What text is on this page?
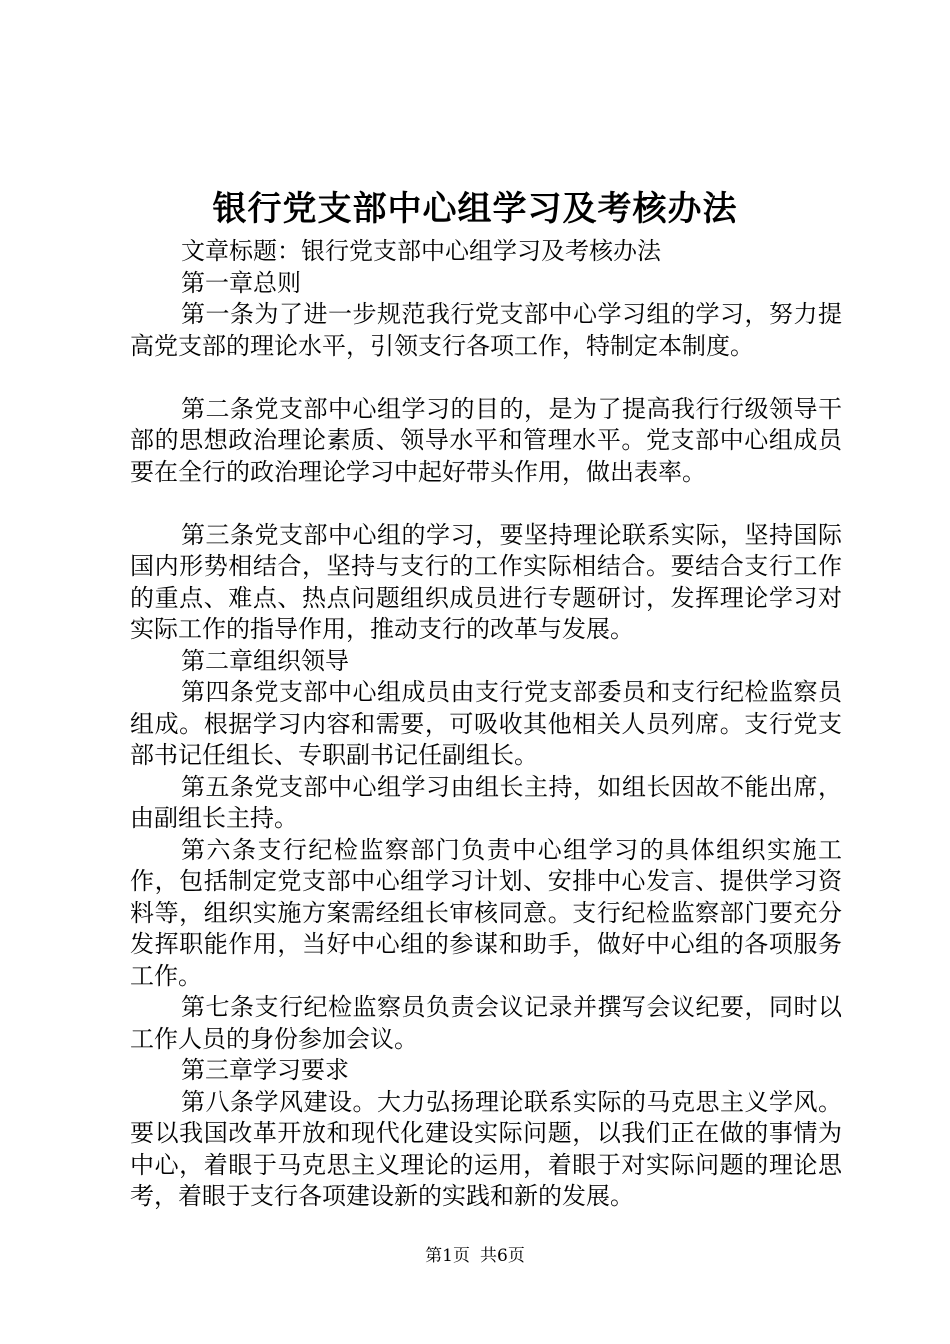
银行党支部中心组学习及考核办法

文章标题：银行党支部中心组学习及考核办法

第一章总则

第一条为了进一步规范我行党支部中心学习组的学习，努力提高党支部的理论水平，引领支行各项工作，特制定本制度。

第二条党支部中心组学习的目的，是为了提高我行行级领导干部的思想政治理论素质、领导水平和管理水平。党支部中心组成员要在全行的政治理论学习中起好带头作用，做出表率。

第三条党支部中心组的学习，要坚持理论联系实际，坚持国际国内形势相结合，坚持与支行的工作实际相结合。要结合支行工作的重点、难点、热点问题组织成员进行专题研讨，发挥理论学习对实际工作的指导作用，推动支行的改革与发展。

第二章组织领导

第四条党支部中心组成员由支行党支部委员和支行纪检监察员组成。根据学习内容和需要，可吸收其他相关人员列席。支行党支部书记任组长、专职副书记任副组长。

第五条党支部中心组学习由组长主持，如组长因故不能出席，由副组长主持。

第六条支行纪检监察部门负责中心组学习的具体组织实施工作，包括制定党支部中心组学习计划、安排中心发言、提供学习资料等，组织实施方案需经组长审核同意。支行纪检监察部门要充分发挥职能作用，当好中心组的参谋和助手，做好中心组的各项服务工作。

第七条支行纪检监察员负责会议记录并撰写会议纪要，同时以工作人员的身份参加会议。

第三章学习要求

第八条学风建设。大力弘扬理论联系实际的马克思主义学风。要以我国改革开放和现代化建设实际问题，以我们正在做的事情为中心，着眼于马克思主义理论的运用，着眼于对实际问题的理论思考，着眼于支行各项建设新的实践和新的发展。

第1页 共6页
